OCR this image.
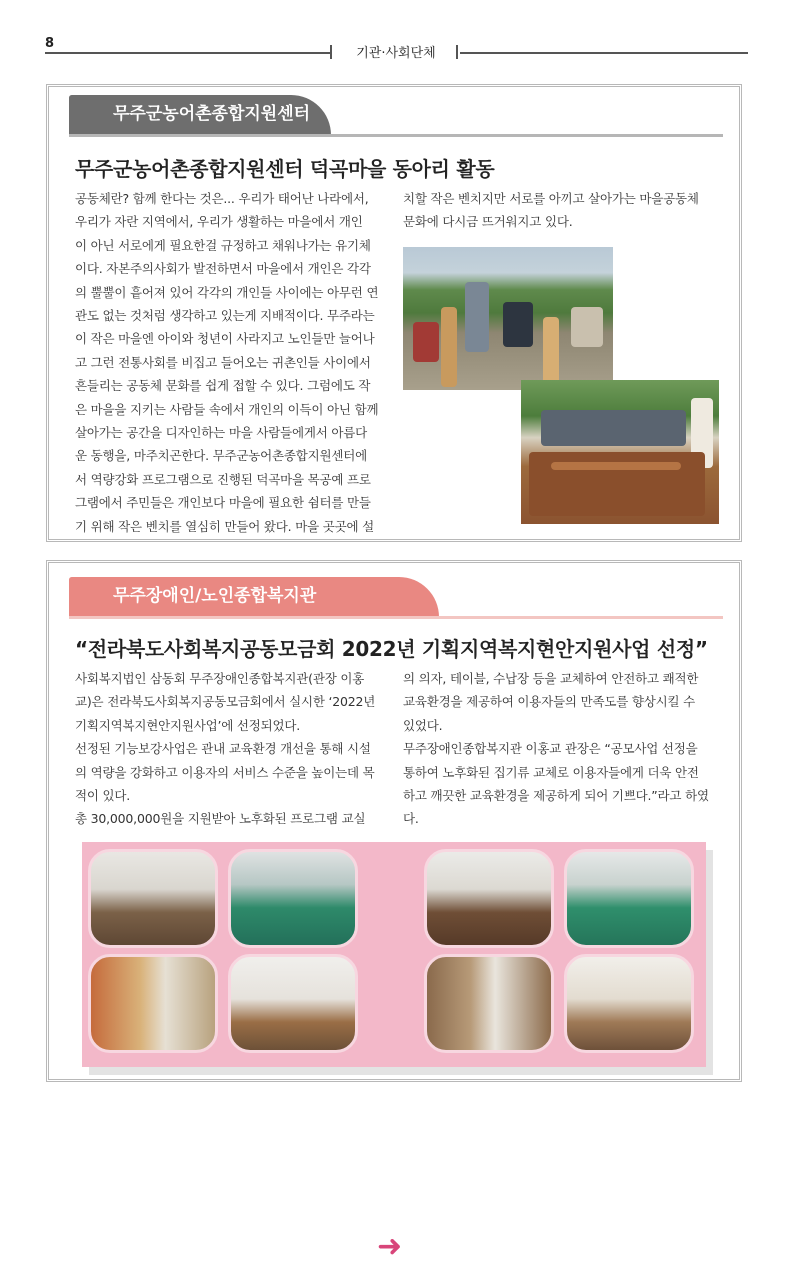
8
기관·사회단체
무주군농어촌종합지원센터
무주군농어촌종합지원센터 덕곡마을 동아리 활동

공동체란? 함께 한다는 것은... 우리가 태어난 나라에서,

우리가 자란 지역에서, 우리가 생활하는 마을에서 개인

이 아닌 서로에게 필요한걸 규정하고 채워나가는 유기체

이다. 자본주의사회가 발전하면서 마을에서 개인은 각각

의 뿔뿔이 흩어져 있어 각각의 개인들 사이에는 아무런 연

관도 없는 것처럼 생각하고 있는게 지배적이다. 무주라는

이 작은 마을엔 아이와 청년이 사라지고 노인들만 늘어나

고 그런 전통사회를 비집고 들어오는 귀촌인들 사이에서

흔들리는 공동체 문화를 쉽게 접할 수 있다. 그럼에도 작

은 마을을 지키는 사람들 속에서 개인의 이득이 아닌 함께

살아가는 공간을 디자인하는 마을 사람들에게서 아름다

운 동행을, 마주치곤한다. 무주군농어촌종합지원센터에

서 역량강화 프로그램으로 진행된 덕곡마을 목공예 프로

그램에서 주민들은 개인보다 마을에 필요한 쉼터를 만들

기 위해 작은 벤치를 열심히 만들어 왔다. 마을 곳곳에 설

치할 작은 벤치지만 서로를 아끼고 살아가는 마을공동체

문화에 다시금 뜨거워지고 있다.

무주장애인/노인종합복지관
“전라북도사회복지공동모금회 2022년 기획지역복지현안지원사업 선정”

사회복지법인 삼동회 무주장애인종합복지관(관장 이홍

교)은 전라북도사회복지공동모금회에서 실시한 ‘2022년

기획지역복지현안지원사업’에 선정되었다.

선정된 기능보강사업은 관내 교육환경 개선을 통해 시설

의 역량을 강화하고 이용자의 서비스 수준을 높이는데 목

적이 있다.

총 30,000,000원을 지원받아 노후화된 프로그램 교실

의 의자, 테이블, 수납장 등을 교체하여 안전하고 쾌적한

교육환경을 제공하여 이용자들의 만족도를 향상시킬 수

있었다.

무주장애인종합복지관 이홍교 관장은 “공모사업 선정을

통하여 노후화된 집기류 교체로 이용자들에게 더욱 안전

하고 깨끗한 교육환경을 제공하게 되어 기쁘다.”라고 하였

다.

➜
